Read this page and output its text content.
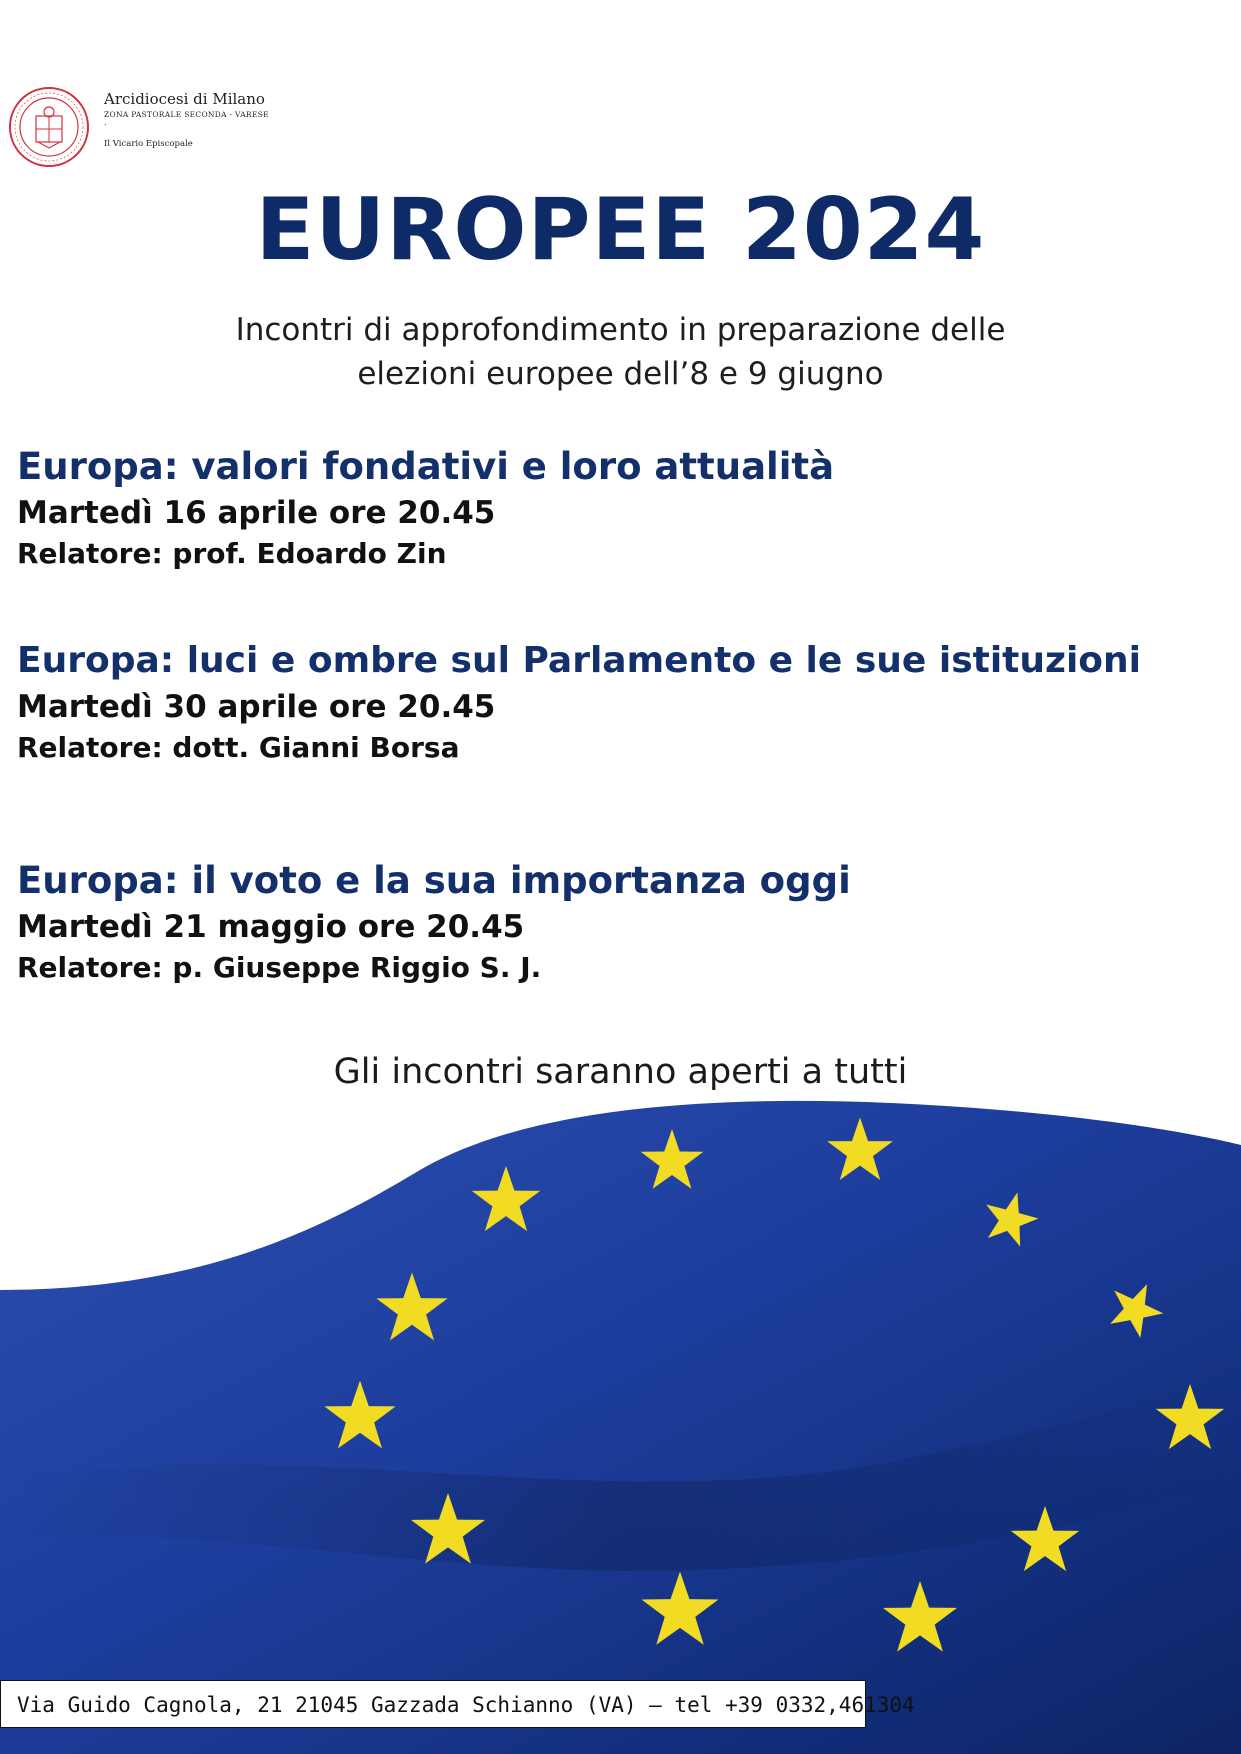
Arcidiocesi di Milano
ZONA PASTORALE SECONDA - VARESE
.
Il Vicario Episcopale
EUROPEE 2024
Incontri di approfondimento in preparazione delle
elezioni europee dell’8 e 9 giugno
Europa: valori fondativi e loro attualità
Martedì 16 aprile ore 20.45
Relatore: prof. Edoardo Zin
Europa: luci e ombre sul Parlamento e le sue istituzioni
Martedì 30 aprile ore 20.45
Relatore: dott. Gianni Borsa
Europa: il voto e la sua importanza oggi
Martedì 21 maggio ore 20.45
Relatore: p. Giuseppe Riggio S. J.
Gli incontri saranno aperti a tutti
Via Guido Cagnola, 21 21045 Gazzada Schianno (VA) – tel +39 0332,461304
